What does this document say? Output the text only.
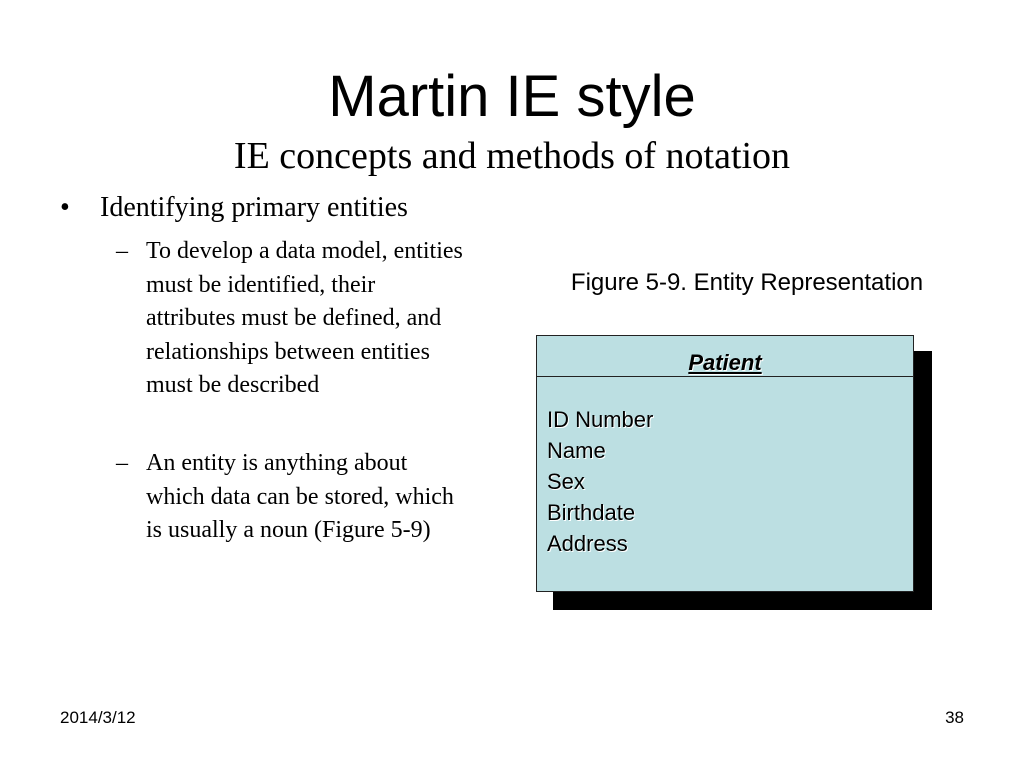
Martin IE style
IE concepts and methods of notation
•	Identifying primary entities
– To develop a data model, entities must be identified, their attributes must be defined, and relationships between entities must be described
– An entity is anything about which data can be stored, which is usually a noun (Figure 5-9)
Figure 5-9. Entity Representation
Patient
ID Number
Name
Sex
Birthdate
Address
2014/3/12	38
